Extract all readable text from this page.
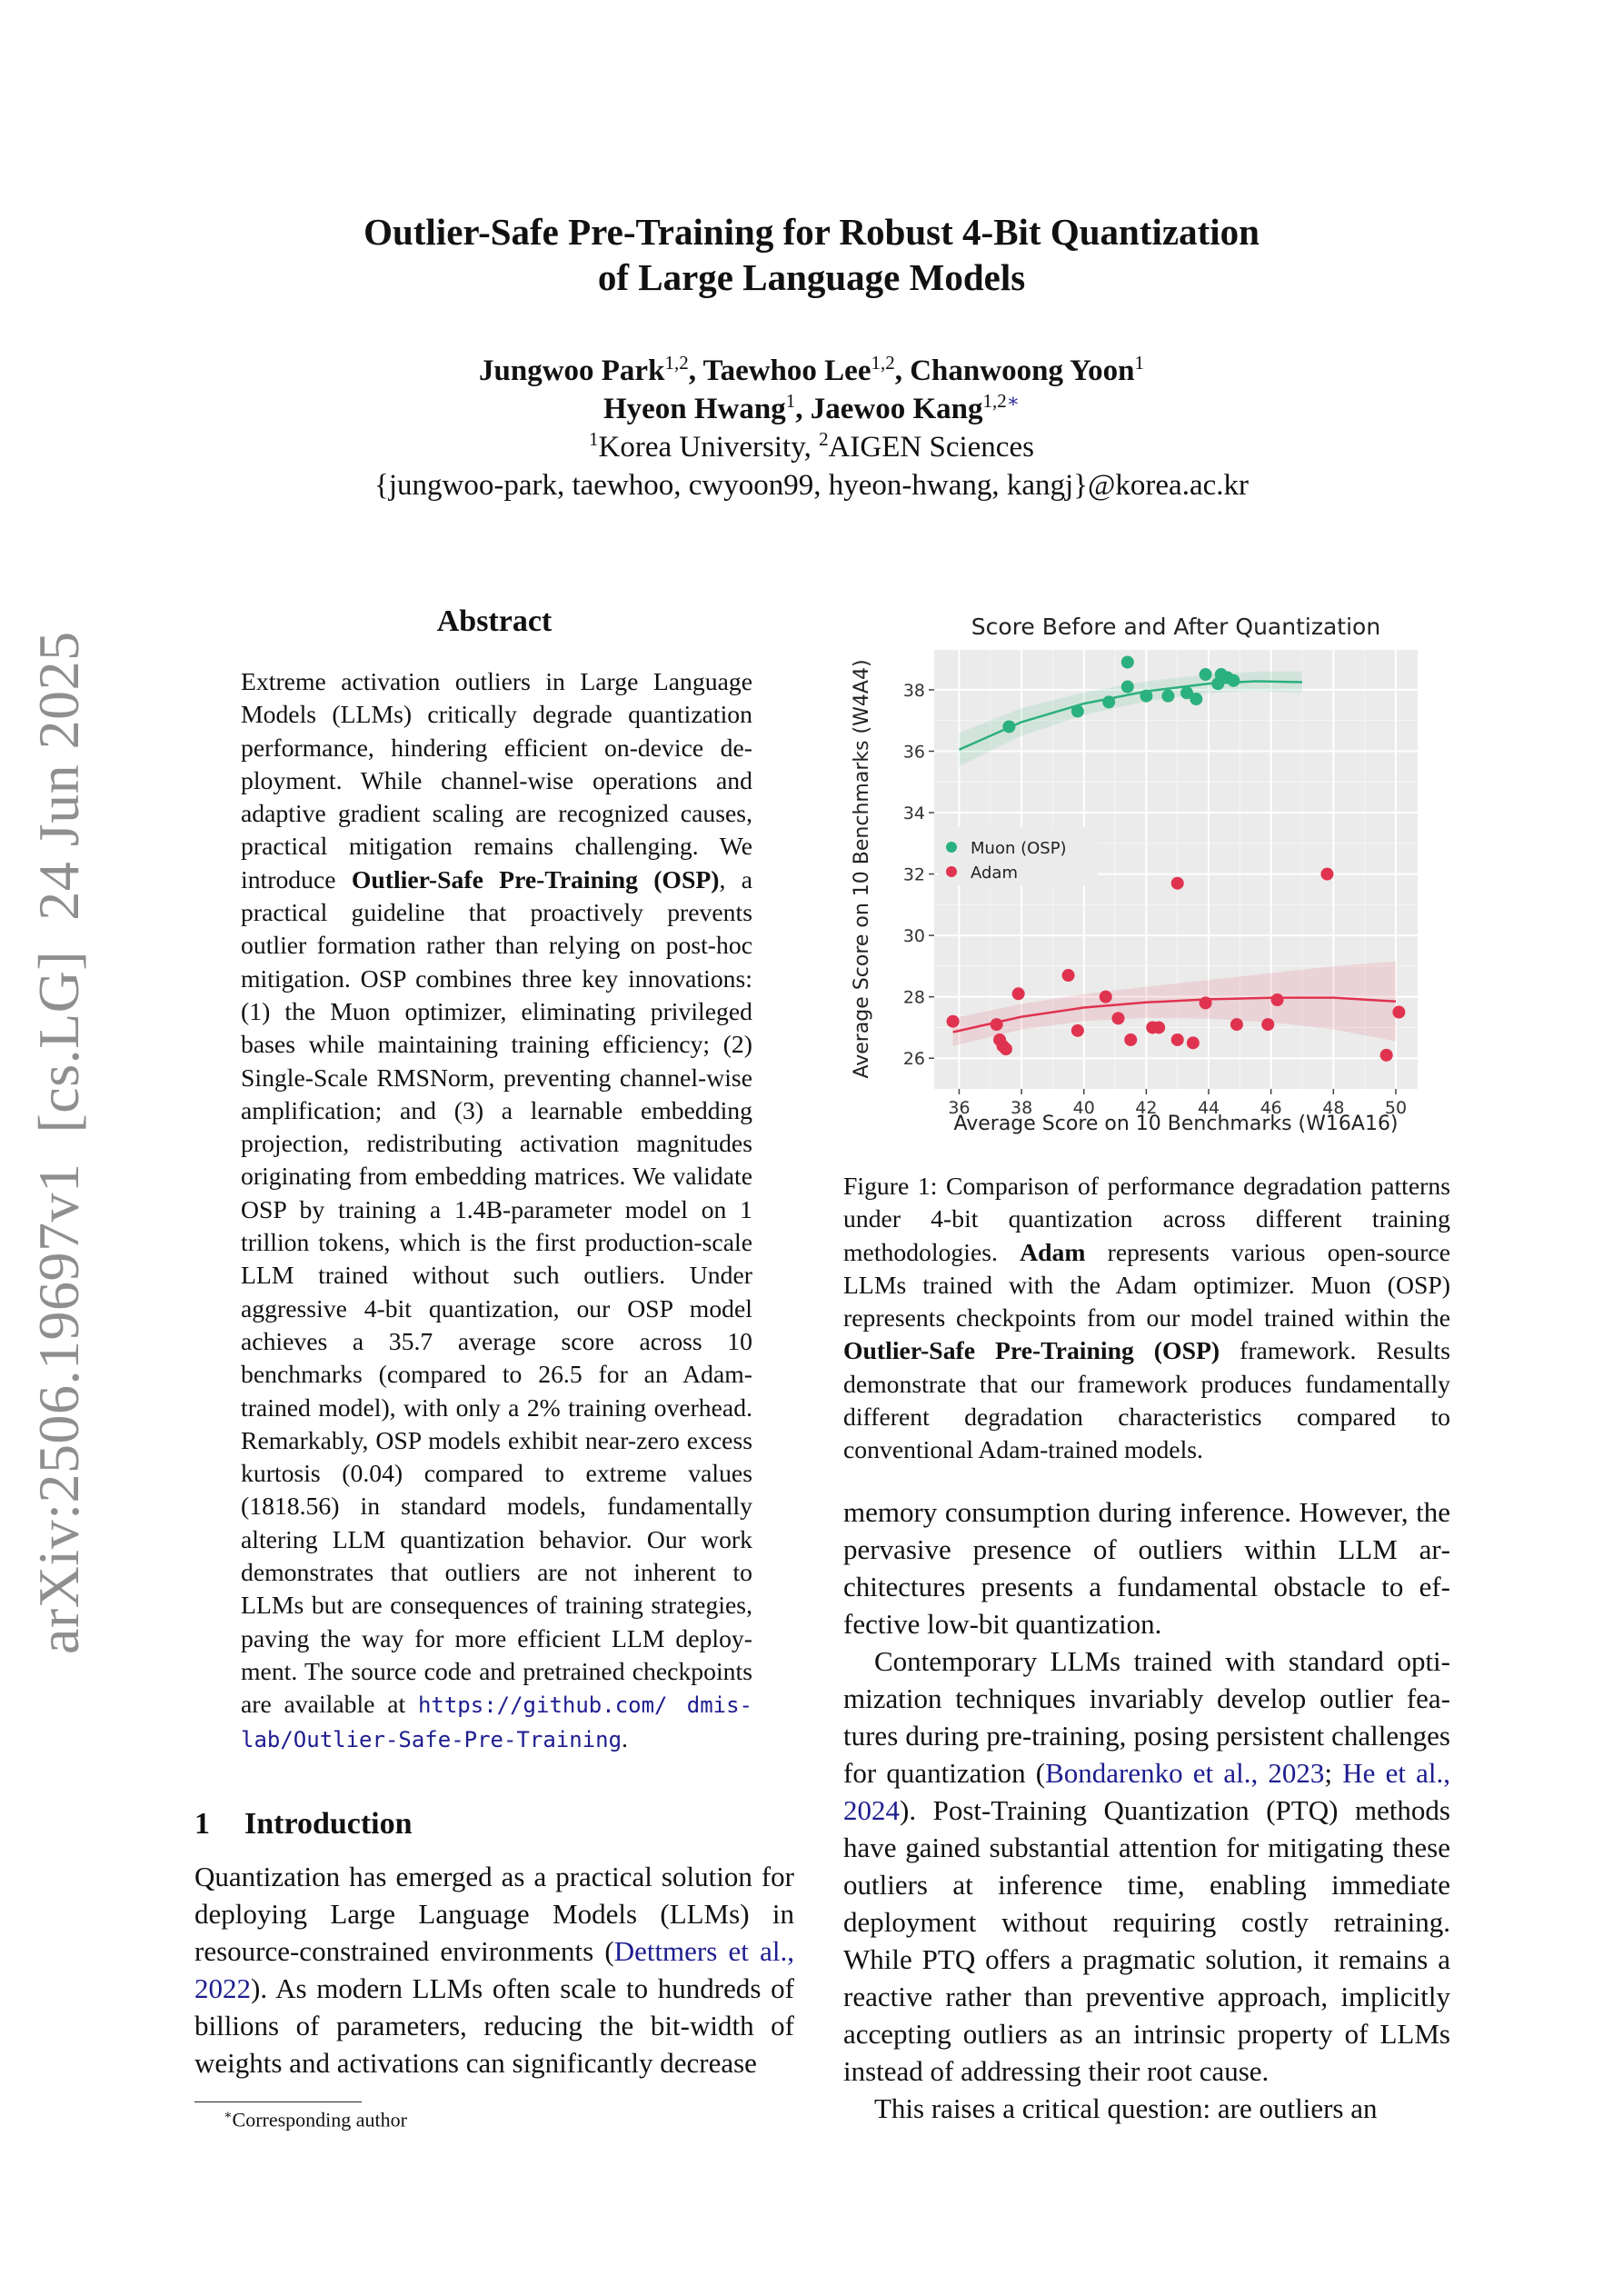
arXiv:2506.19697v1  [cs.LG]  24 Jun 2025
Outlier-Safe Pre-Training for Robust 4-Bit Quantization
of Large Language Models
Jungwoo Park$^{1,2}$, Taewhoo Lee$^{1,2}$, Chanwoong Yoon$^1$
Hyeon Hwang$^1$, Jaewoo Kang$^{1,2∗}$
$^1$Korea University, $^2$AIGEN Sciences
{jungwoo-park, taewhoo, cwyoon99, hyeon-hwang, kangj}@korea.ac.kr
Abstract
Extreme activation outliers in Large Language Models (LLMs) critically degrade quantization performance, hindering efficient on-device deployment. While channel-wise operations and adaptive gradient scaling are recognized causes, practical mitigation remains challenging. We introduce Outlier-Safe Pre-Training (OSP), a practical guideline that proactively prevents outlier formation rather than relying on post-hoc mitigation. OSP combines three key innovations: (1) the Muon optimizer, eliminating privileged bases while maintaining training efficiency; (2) Single-Scale RMSNorm, preventing channel-wise amplification; and (3) a learnable embedding projection, redistributing activation magnitudes originating from embedding matrices. We validate OSP by training a 1.4B-parameter model on 1 trillion tokens, which is the first production-scale LLM trained without such outliers. Under aggressive 4-bit quantization, our OSP model achieves a 35.7 average score across 10 benchmarks (compared to 26.5 for an Adam-trained model), with only a 2% training overhead. Remarkably, OSP models exhibit near-zero excess kurtosis (0.04) compared to extreme values (1818.56) in standard models, fundamentally altering LLM quantization behavior. Our work demonstrates that outliers are not inherent to LLMs but are consequences of training strategies, paving the way for more efficient LLM deployment. The source code and pretrained checkpoints are available at https://github.com/ dmis-lab/Outlier-Safe-Pre-Training.
1 Introduction

Quantization has emerged as a practical solution for deploying Large Language Models (LLMs) in resource-constrained environments (Dettmers et al., 2022). As modern LLMs often scale to hundreds of billions of parameters, reducing the bit-width of weights and activations can significantly decrease

memory consumption during inference. However, the pervasive presence of outliers within LLM architectures presents a fundamental obstacle to effective low-bit quantization.

Contemporary LLMs trained with standard optimization techniques invariably develop outlier features during pre-training, posing persistent challenges for quantization (Bondarenko et al., 2023; He et al., 2024). Post-Training Quantization (PTQ) methods have gained substantial attention for mitigating these outliers at inference time, enabling immediate deployment without requiring costly retraining. While PTQ offers a pragmatic solution, it remains a reactive rather than preventive approach, implicitly accepting outliers as an intrinsic property of LLMs instead of addressing their root cause.

This raises a critical question: are outliers an

∗Corresponding author
Score Before and After Quantization
36 38 40 42 44 46 48 50
26
28
30
32
34
36
38
Muon (OSP)
Adam
Average Score on 10 Benchmarks (W16A16)
Average Score on 10 Benchmarks (W4A4)
Figure 1: Comparison of performance degradation patterns under 4-bit quantization across different training methodologies. Adam represents various open-source LLMs trained with the Adam optimizer. Muon (OSP) represents checkpoints from our model trained within the Outlier-Safe Pre-Training (OSP) framework. Results demonstrate that our framework produces fundamentally different degradation characteristics compared to conventional Adam-trained models.
